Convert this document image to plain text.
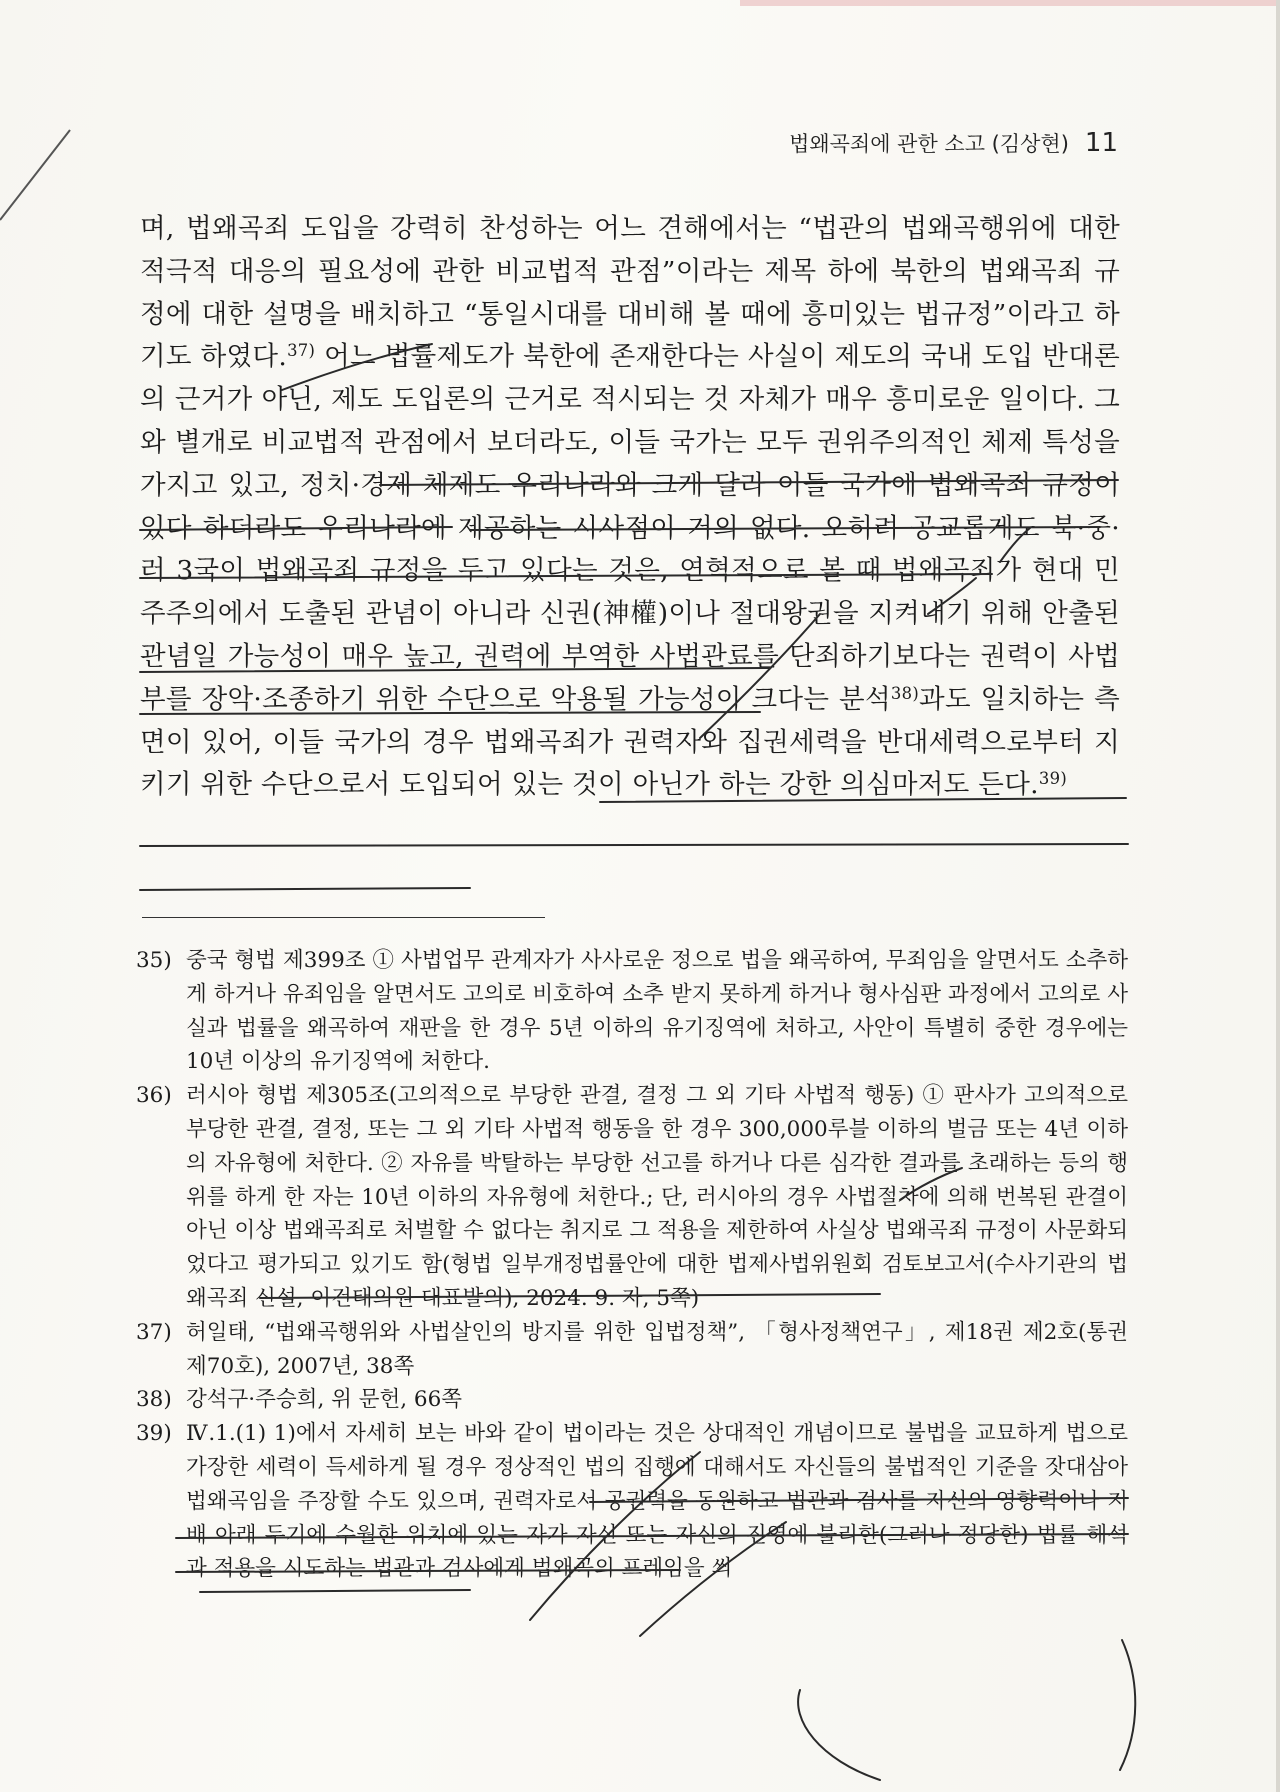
법왜곡죄에 관한 소고 (김상현) 11

며, 법왜곡죄 도입을 강력히 찬성하는 어느 견해에서는 “법관의 법왜곡행위에 대한 적극적 대응의 필요성에 관한 비교법적 관점”이라는 제목 하에 북한의 법왜곡죄 규정에 대한 설명을 배치하고 “통일시대를 대비해 볼 때에 흥미있는 법규정”이라고 하기도 하였다.$^{37)}$ 어느 법률제도가 북한에 존재한다는 사실이 제도의 국내 도입 반대론의 근거가 아닌, 제도 도입론의 근거로 적시되는 것 자체가 매우 흥미로운 일이다. 그와 별개로 비교법적 관점에서 보더라도, 이들 국가는 모두 권위주의적인 체제 특성을 가지고 있고, 정치·경제 체제도 우리나라와 크게 달라 이들 국가에 법왜곡죄 규정이 있다 하더라도 우리나라에 제공하는 시사점이 거의 없다. 오히려 공교롭게도 북·중·러 3국이 법왜곡죄 규정을 두고 있다는 것은, 연혁적으로 볼 때 법왜곡죄가 현대 민주주의에서 도출된 관념이 아니라 신권(神權)이나 절대왕권을 지켜내기 위해 안출된 관념일 가능성이 매우 높고, 권력에 부역한 사법관료를 단죄하기보다는 권력이 사법부를 장악·조종하기 위한 수단으로 악용될 가능성이 크다는 분석$^{38)}$과도 일치하는 측면이 있어, 이들 국가의 경우 법왜곡죄가 권력자와 집권세력을 반대세력으로부터 지키기 위한 수단으로서 도입되어 있는 것이 아닌가 하는 강한 의심마저도 든다.$^{39)}$

35) 중국 형법 제399조 ① 사법업무 관계자가 사사로운 정으로 법을 왜곡하여, 무죄임을 알면서도 소추하게 하거나 유죄임을 알면서도 고의로 비호하여 소추 받지 못하게 하거나 형사심판 과정에서 고의로 사실과 법률을 왜곡하여 재판을 한 경우 5년 이하의 유기징역에 처하고, 사안이 특별히 중한 경우에는 10년 이상의 유기징역에 처한다.
36) 러시아 형법 제305조(고의적으로 부당한 관결, 결정 그 외 기타 사법적 행동) ① 판사가 고의적으로 부당한 관결, 결정, 또는 그 외 기타 사법적 행동을 한 경우 300,000루블 이하의 벌금 또는 4년 이하의 자유형에 처한다. ② 자유를 박탈하는 부당한 선고를 하거나 다른 심각한 결과를 초래하는 등의 행위를 하게 한 자는 10년 이하의 자유형에 처한다.; 단, 러시아의 경우 사법절차에 의해 번복된 관결이 아닌 이상 법왜곡죄로 처벌할 수 없다는 취지로 그 적용을 제한하여 사실상 법왜곡죄 규정이 사문화되었다고 평가되고 있기도 함(형법 일부개정법률안에 대한 법제사법위원회 검토보고서(수사기관의 법왜곡죄 신설, 이건태의원 대표발의), 2024. 9. 자, 5쪽)
37) 허일태, “법왜곡행위와 사법살인의 방지를 위한 입법정책”, 「형사정책연구」, 제18권 제2호(통권 제70호), 2007년, 38쪽
38) 강석구·주승희, 위 문헌, 66쪽
39) Ⅳ.1.(1) 1)에서 자세히 보는 바와 같이 법이라는 것은 상대적인 개념이므로 불법을 교묘하게 법으로 가장한 세력이 득세하게 될 경우 정상적인 법의 집행에 대해서도 자신들의 불법적인 기준을 잣대삼아 법왜곡임을 주장할 수도 있으며, 권력자로서 공권력을 동원하고 법관과 검사를 자신의 영향력이나 지배 아래 두기에 수월한 위치에 있는 자가 자신 또는 자신의 진영에 불리한(그러나 정당한) 법률 해석과 적용을 시도하는 법관과 검사에게 법왜곡의 프레임을 씌
